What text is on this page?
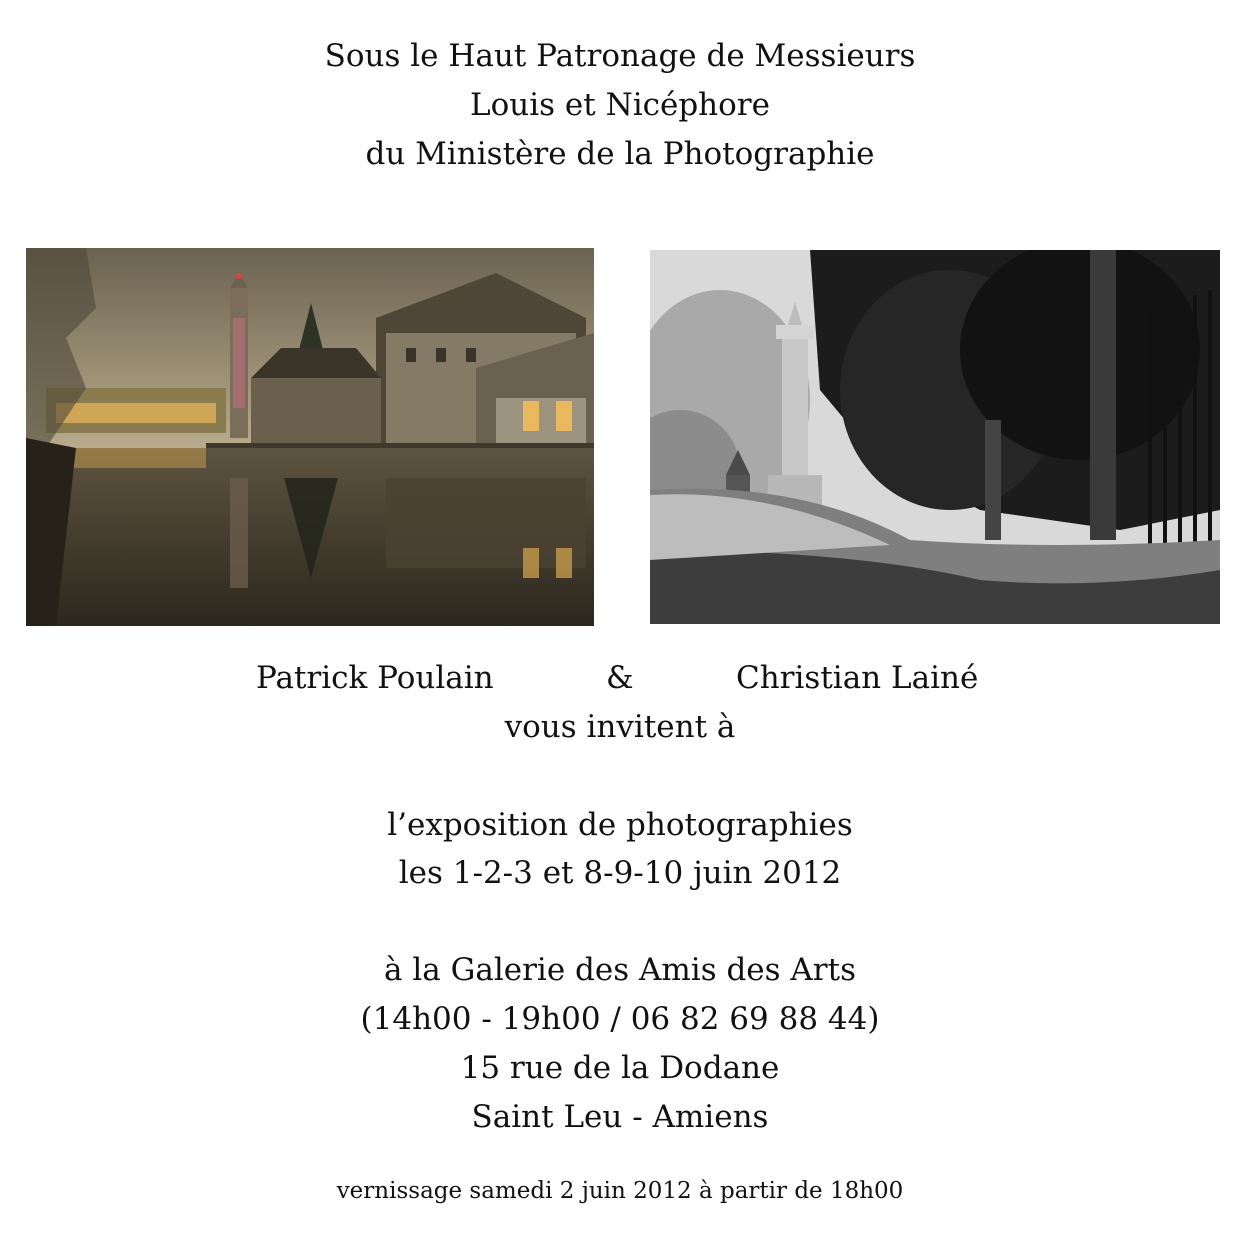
Sous le Haut Patronage de Messieurs
Louis et Nicéphore
du Ministère de la Photographie
Patrick Poulain	&	Christian Lainé
vous invitent à
l’exposition de photographies
les 1-2-3 et 8-9-10 juin 2012
à la Galerie des Amis des Arts
(14h00 - 19h00 / 06 82 69 88 44)
15 rue de la Dodane
Saint Leu - Amiens
vernissage samedi 2 juin 2012 à partir de 18h00
